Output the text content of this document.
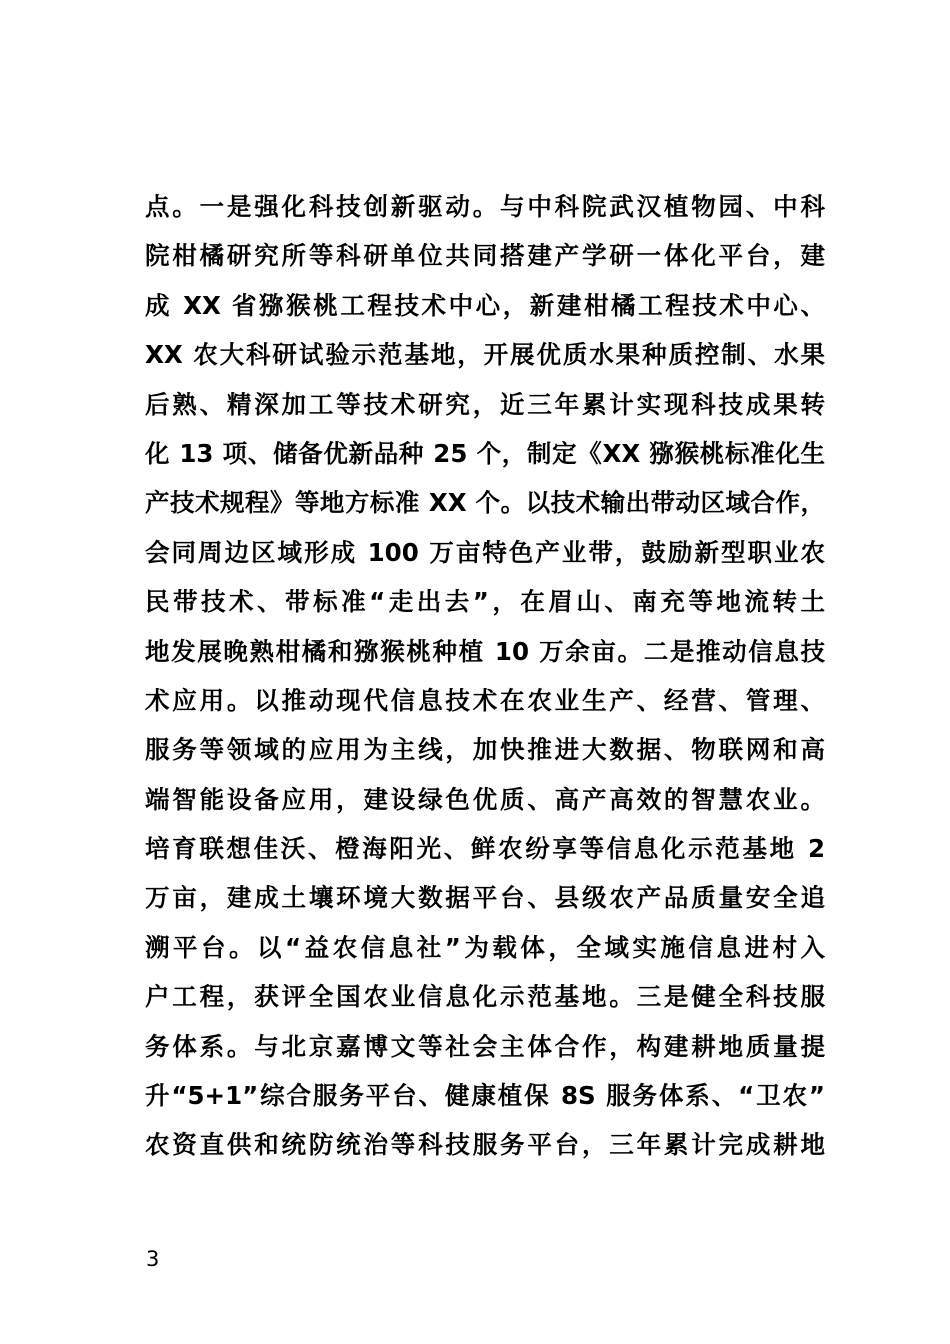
点。一是强化科技创新驱动。与中科院武汉植物园、中科
院柑橘研究所等科研单位共同搭建产学研一体化平台，建
成 XX 省猕猴桃工程技术中心，新建柑橘工程技术中心、
XX 农大科研试验示范基地，开展优质水果种质控制、水果
后熟、精深加工等技术研究，近三年累计实现科技成果转
化 13 项、储备优新品种 25 个，制定《XX 猕猴桃标准化生
产技术规程》等地方标准 XX 个。以技术输出带动区域合作，
会同周边区域形成 100 万亩特色产业带，鼓励新型职业农
民带技术、带标准“走出去”，在眉山、南充等地流转土
地发展晚熟柑橘和猕猴桃种植 10 万余亩。二是推动信息技
术应用。以推动现代信息技术在农业生产、经营、管理、
服务等领域的应用为主线，加快推进大数据、物联网和高
端智能设备应用，建设绿色优质、高产高效的智慧农业。
培育联想佳沃、橙海阳光、鲜农纷享等信息化示范基地 2
万亩，建成土壤环境大数据平台、县级农产品质量安全追
溯平台。以“益农信息社”为载体，全域实施信息进村入
户工程，获评全国农业信息化示范基地。三是健全科技服
务体系。与北京嘉博文等社会主体合作，构建耕地质量提
升“5+1”综合服务平台、健康植保 8S 服务体系、“卫农”
农资直供和统防统治等科技服务平台，三年累计完成耕地
3
